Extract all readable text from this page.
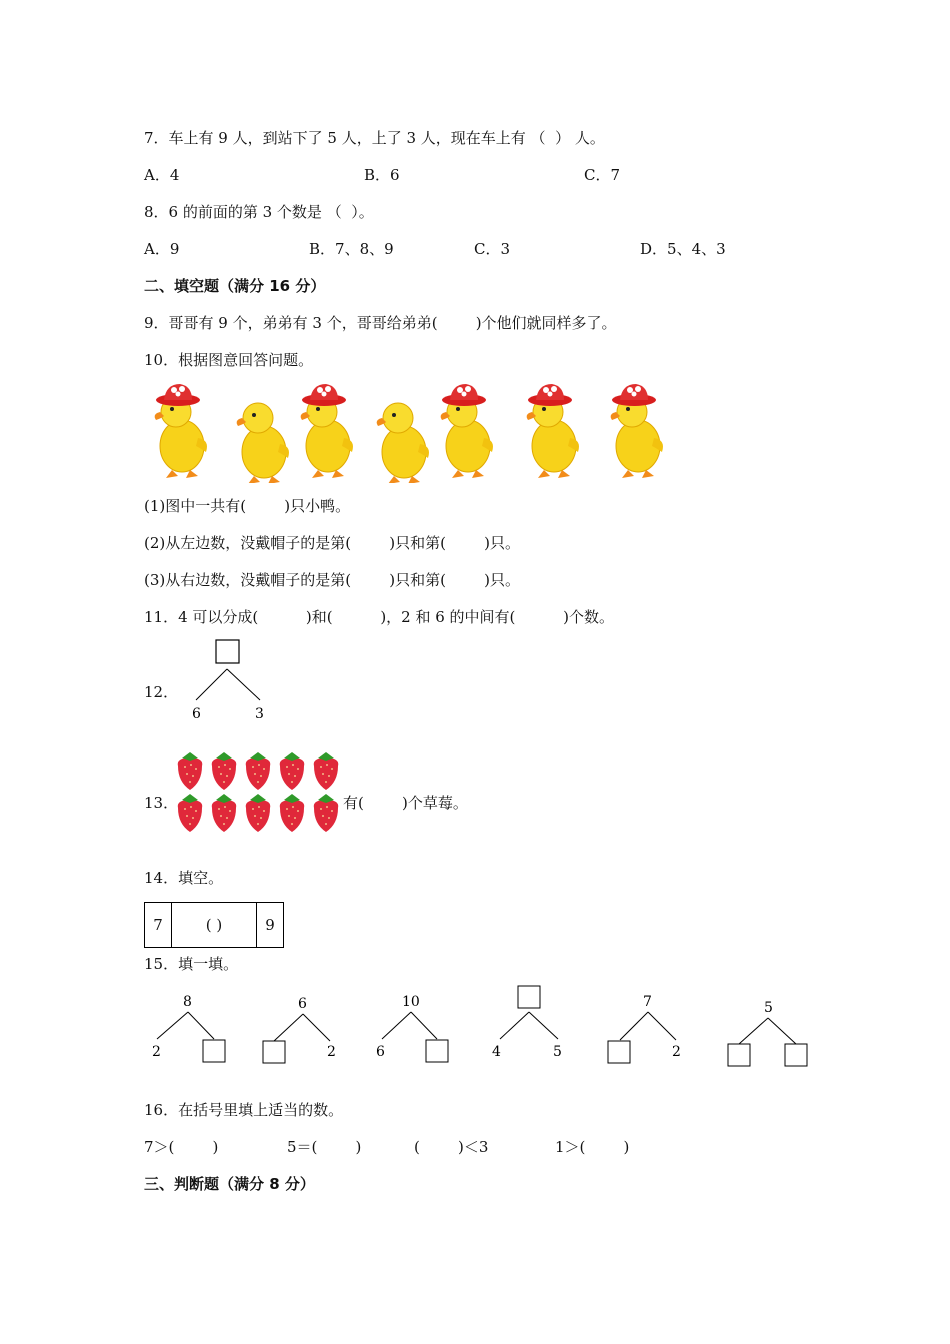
7．车上有 9 人，到站下了 5 人，上了 3 人，现在车上有 （  ） 人。
A．4	B．6	C．7
8．6 的前面的第 3 个数是 （  ）。
A．9	B．7、8、9	C．3	D．5、4、3
二、填空题（满分 16 分）
9．哥哥有 9 个，弟弟有 3 个，哥哥给弟弟(        )个他们就同样多了。
10．根据图意回答问题。
(1)图中一共有(        )只小鸭。
(2)从左边数，没戴帽子的是第(        )只和第(        )只。
(3)从右边数，没戴帽子的是第(        )只和第(        )只。
11．4 可以分成(          )和(          )，2 和 6 的中间有(          )个数。
12．
6	3
13．	有(        )个草莓。
14．填空。
7	( )	9
15．填一填。
8
2
6
2
10
6	4	5
7
2
5
16．在括号里填上适当的数。
7＞(        )	5＝(        )	(        )＜3	1＞(        )
三、判断题（满分 8 分）
